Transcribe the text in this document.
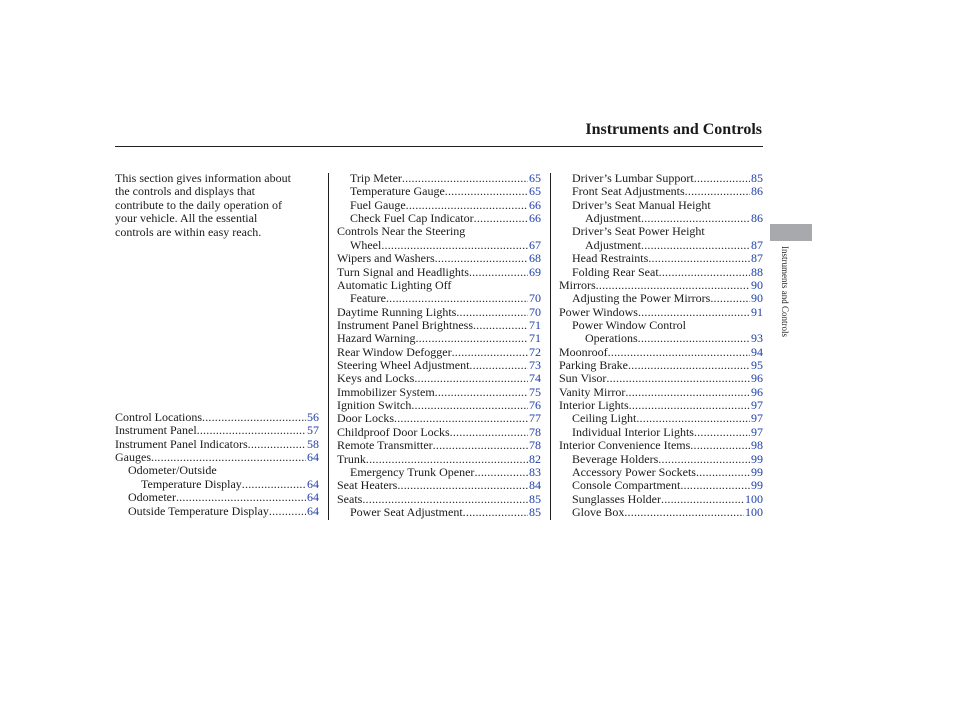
Instruments and Controls
Instruments and Controls
This section gives information about
the controls and displays that
contribute to the daily operation of
your vehicle. All the essential
controls are within easy reach.
Control Locations .....	56
Instrument Panel .....	57
Instrument Panel Indicators .....	58
Gauges .....	64
Odometer/Outside
Temperature Display .....	64
Odometer .....	64
Outside Temperature Display .....	64
Trip Meter .....	65
Temperature Gauge .....	65
Fuel Gauge .....	66
Check Fuel Cap Indicator .....	66
Controls Near the Steering
Wheel .....	67
Wipers and Washers .....	68
Turn Signal and Headlights .....	69
Automatic Lighting Off
Feature .....	70
Daytime Running Lights .....	70
Instrument Panel Brightness .....	71
Hazard Warning .....	71
Rear Window Defogger .....	72
Steering Wheel Adjustment .....	73
Keys and Locks .....	74
Immobilizer System .....	75
Ignition Switch .....	76
Door Locks .....	77
Childproof Door Locks .....	78
Remote Transmitter .....	78
Trunk .....	82
Emergency Trunk Opener .....	83
Seat Heaters .....	84
Seats .....	85
Power Seat Adjustment .....	85
Driver’s Lumbar Support .....	85
Front Seat Adjustments .....	86
Driver’s Seat Manual Height
Adjustment .....	86
Driver’s Seat Power Height
Adjustment .....	87
Head Restraints .....	87
Folding Rear Seat .....	88
Mirrors .....	90
Adjusting the Power Mirrors .....	90
Power Windows .....	91
Power Window Control
Operations .....	93
Moonroof .....	94
Parking Brake .....	95
Sun Visor .....	96
Vanity Mirror .....	96
Interior Lights .....	97
Ceiling Light .....	97
Individual Interior Lights .....	97
Interior Convenience Items .....	98
Beverage Holders .....	99
Accessory Power Sockets .....	99
Console Compartment .....	99
Sunglasses Holder .....	100
Glove Box .....	100
